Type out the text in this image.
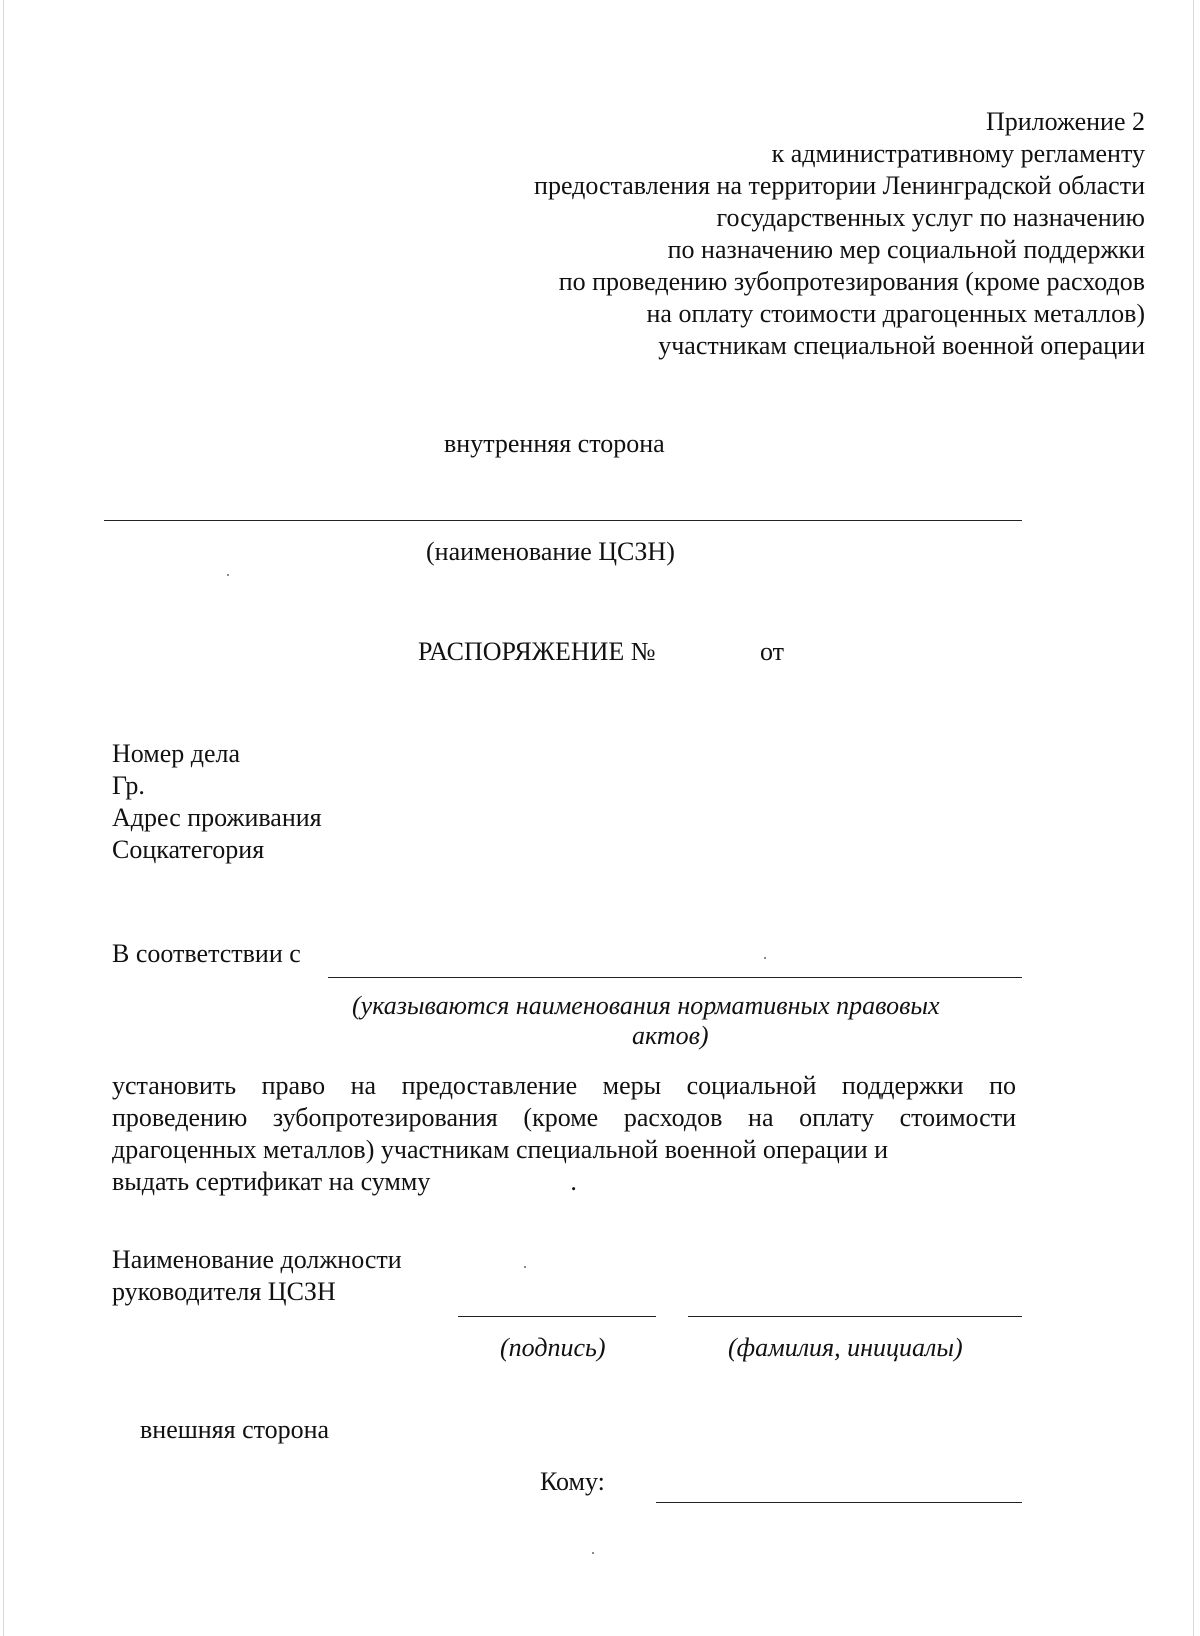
Приложение 2
к административному регламенту
предоставления на территории Ленинградской области
государственных услуг по назначению
по назначению мер социальной поддержки
по проведению зубопротезирования (кроме расходов
на оплату стоимости драгоценных металлов)
участникам специальной военной операции
внутренняя сторона
(наименование ЦСЗН)
РАСПОРЯЖЕНИЕ №	от
Номер дела
Гр.
Адрес проживания
Соцкатегория
В соответствии с
(указываются наименования нормативных правовых
актов)
установить право на предоставление меры социальной поддержки по проведению зубопротезирования (кроме расходов на оплату стоимости драгоценных металлов) участникам специальной военной операции и
выдать сертификат на сумму	.
Наименование должности
руководителя ЦСЗН
(подпись)	(фамилия, инициалы)
внешняя сторона
Кому:
